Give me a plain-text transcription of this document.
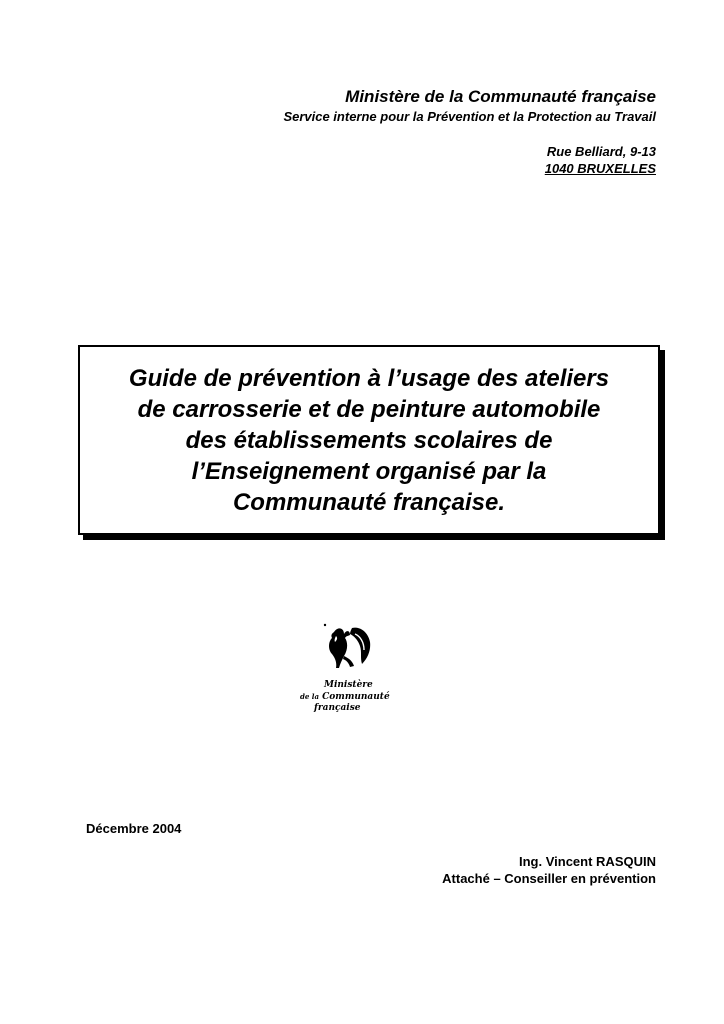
Ministère de la Communauté française
Service interne pour la Prévention et la Protection au Travail
Rue Belliard, 9-13
1040 BRUXELLES
Guide de prévention à l’usage des ateliers
de carrosserie et de peinture automobile
des établissements scolaires de
l’Enseignement organisé par la
Communauté française.
Ministère
de la Communauté
française
Décembre 2004
Ing. Vincent RASQUIN
Attaché – Conseiller en prévention
